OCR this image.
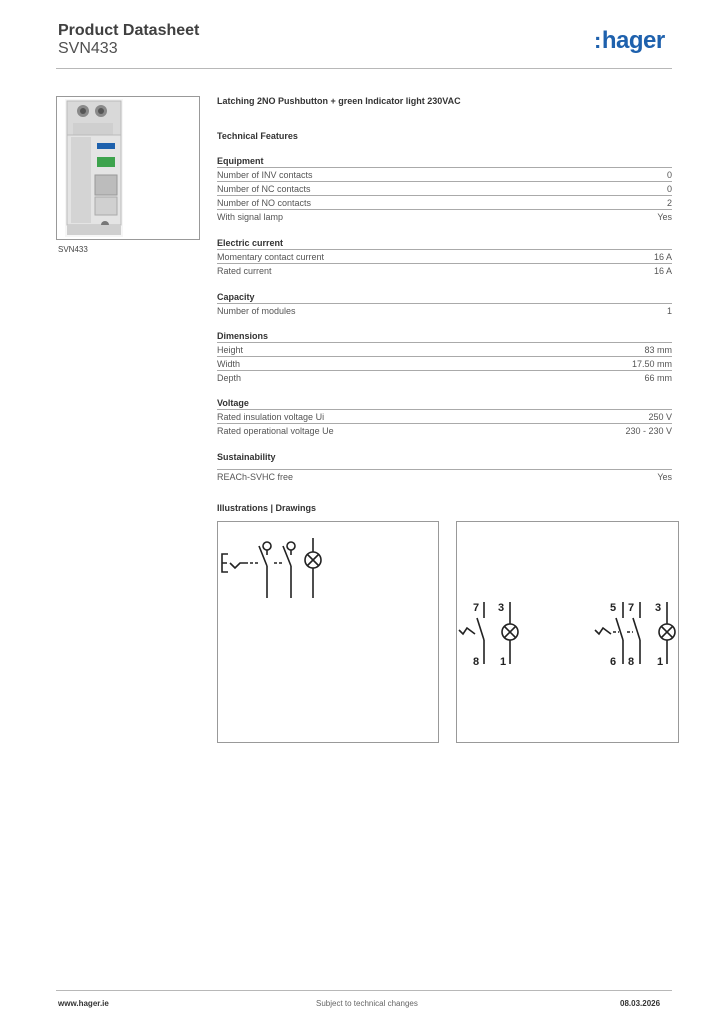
Product Datasheet
SVN433	:hager
SVN433
Latching 2NO Pushbutton + green Indicator light 230VAC
Technical Features
Equipment
Number of INV contacts	0
Number of NC contacts	0
Number of NO contacts	2
With signal lamp	Yes
Electric current
Momentary contact current	16 A
Rated current	16 A
Capacity
Number of modules	1
Dimensions
Height	83 mm
Width	17.50 mm
Depth	66 mm
Voltage
Rated insulation voltage Ui	250 V
Rated operational voltage Ue	230 - 230 V
Sustainability
REACh-SVHC free	Yes
Illustrations | Drawings
7 3
8 1
5 7 3
6 8 1
www.hager.ie	Subject to technical changes	08.03.2026
